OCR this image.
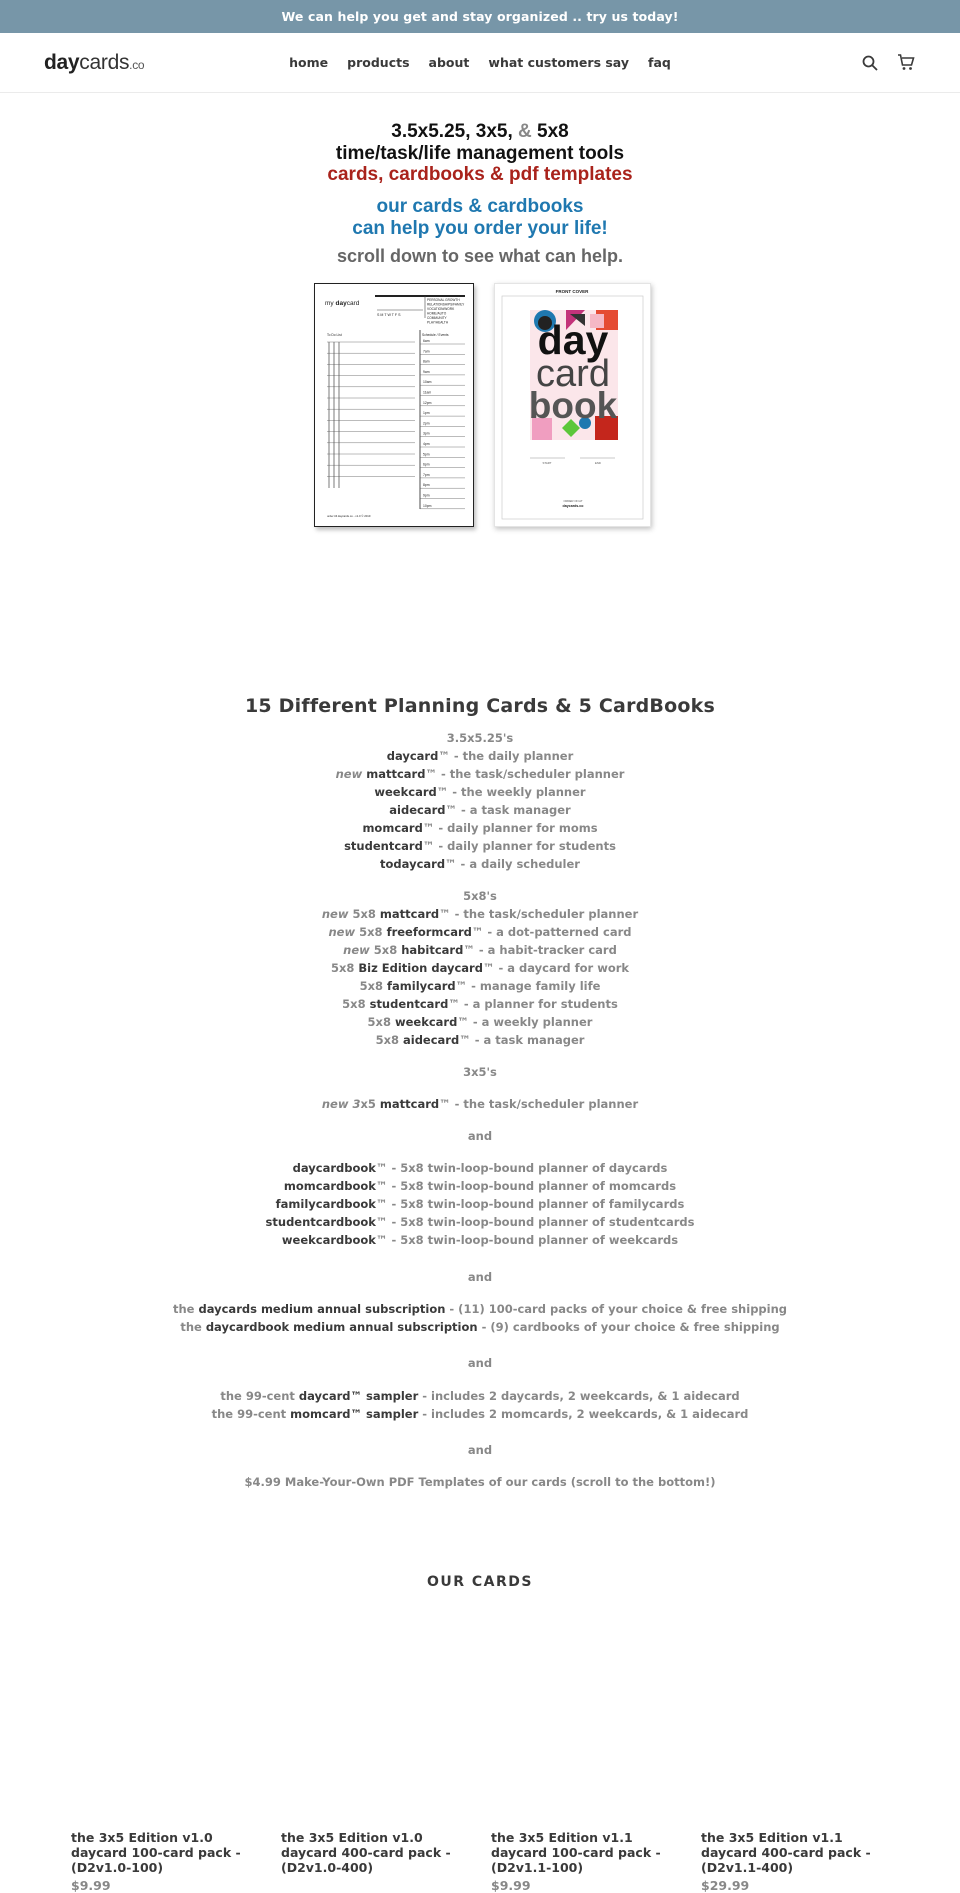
We can help you get and stay organized .. try us today!
daycards.co	home products about what customers say faq
3.5x5.25, 3x5, & 5x8
time/task/life management tools
cards, cardbooks & pdf templates
our cards & cardbooks
can help you order your life!
scroll down to see what can help.
my daycard
S M T W T F S
PERSONAL GROWTH
RELATIONSHIPS/FAMILY
VOCATION/WORK
HOME/AUTO
COMMUNITY
PLAY/HEALTH
To Do List	Schedule / Events
6am
7am
8am
9am
10am
11am
12pm
1pm
2pm
3pm
4pm
5pm
6pm
7pm
8pm
9pm
10pm
order till daycards.co - v1.0 © 2019
FRONT COVER
day
card
book
START	END
ORDER ON AT
daycards.co
15 Different Planning Cards & 5 CardBooks
3.5x5.25's
daycard™ - the daily planner
new mattcard™ - the task/scheduler planner
weekcard™ - the weekly planner
aidecard™ - a task manager
momcard™ - daily planner for moms
studentcard™ - daily planner for students
todaycard™ - a daily scheduler
5x8's
new 5x8 mattcard™ - the task/scheduler planner
new 5x8 freeformcard™ - a dot-patterned card
new 5x8 habitcard™ - a habit-tracker card
5x8 Biz Edition daycard™ - a daycard for work
5x8 familycard™ - manage family life
5x8 studentcard™ - a planner for students
5x8 weekcard™ - a weekly planner
5x8 aidecard™ - a task manager
3x5's
new 3x5 mattcard™ - the task/scheduler planner
and
daycardbook™ - 5x8 twin-loop-bound planner of daycards
momcardbook™ - 5x8 twin-loop-bound planner of momcards
familycardbook™ - 5x8 twin-loop-bound planner of familycards
studentcardbook™ - 5x8 twin-loop-bound planner of studentcards
weekcardbook™ - 5x8 twin-loop-bound planner of weekcards
and
the daycards medium annual subscription - (11) 100-card packs of your choice & free shipping
the daycardbook medium annual subscription - (9) cardbooks of your choice & free shipping
and
the 99-cent daycard™ sampler - includes 2 daycards, 2 weekcards, & 1 aidecard
the 99-cent momcard™ sampler - includes 2 momcards, 2 weekcards, & 1 aidecard
and
$4.99 Make-Your-Own PDF Templates of our cards (scroll to the bottom!)
OUR CARDS
the 3x5 Edition v1.0 daycard 100-card pack - (D2v1.0-100)
$9.99
the 3x5 Edition v1.0 daycard 400-card pack - (D2v1.0-400)
the 3x5 Edition v1.1 daycard 100-card pack - (D2v1.1-100)
$9.99
the 3x5 Edition v1.1 daycard 400-card pack - (D2v1.1-400)
$29.99
